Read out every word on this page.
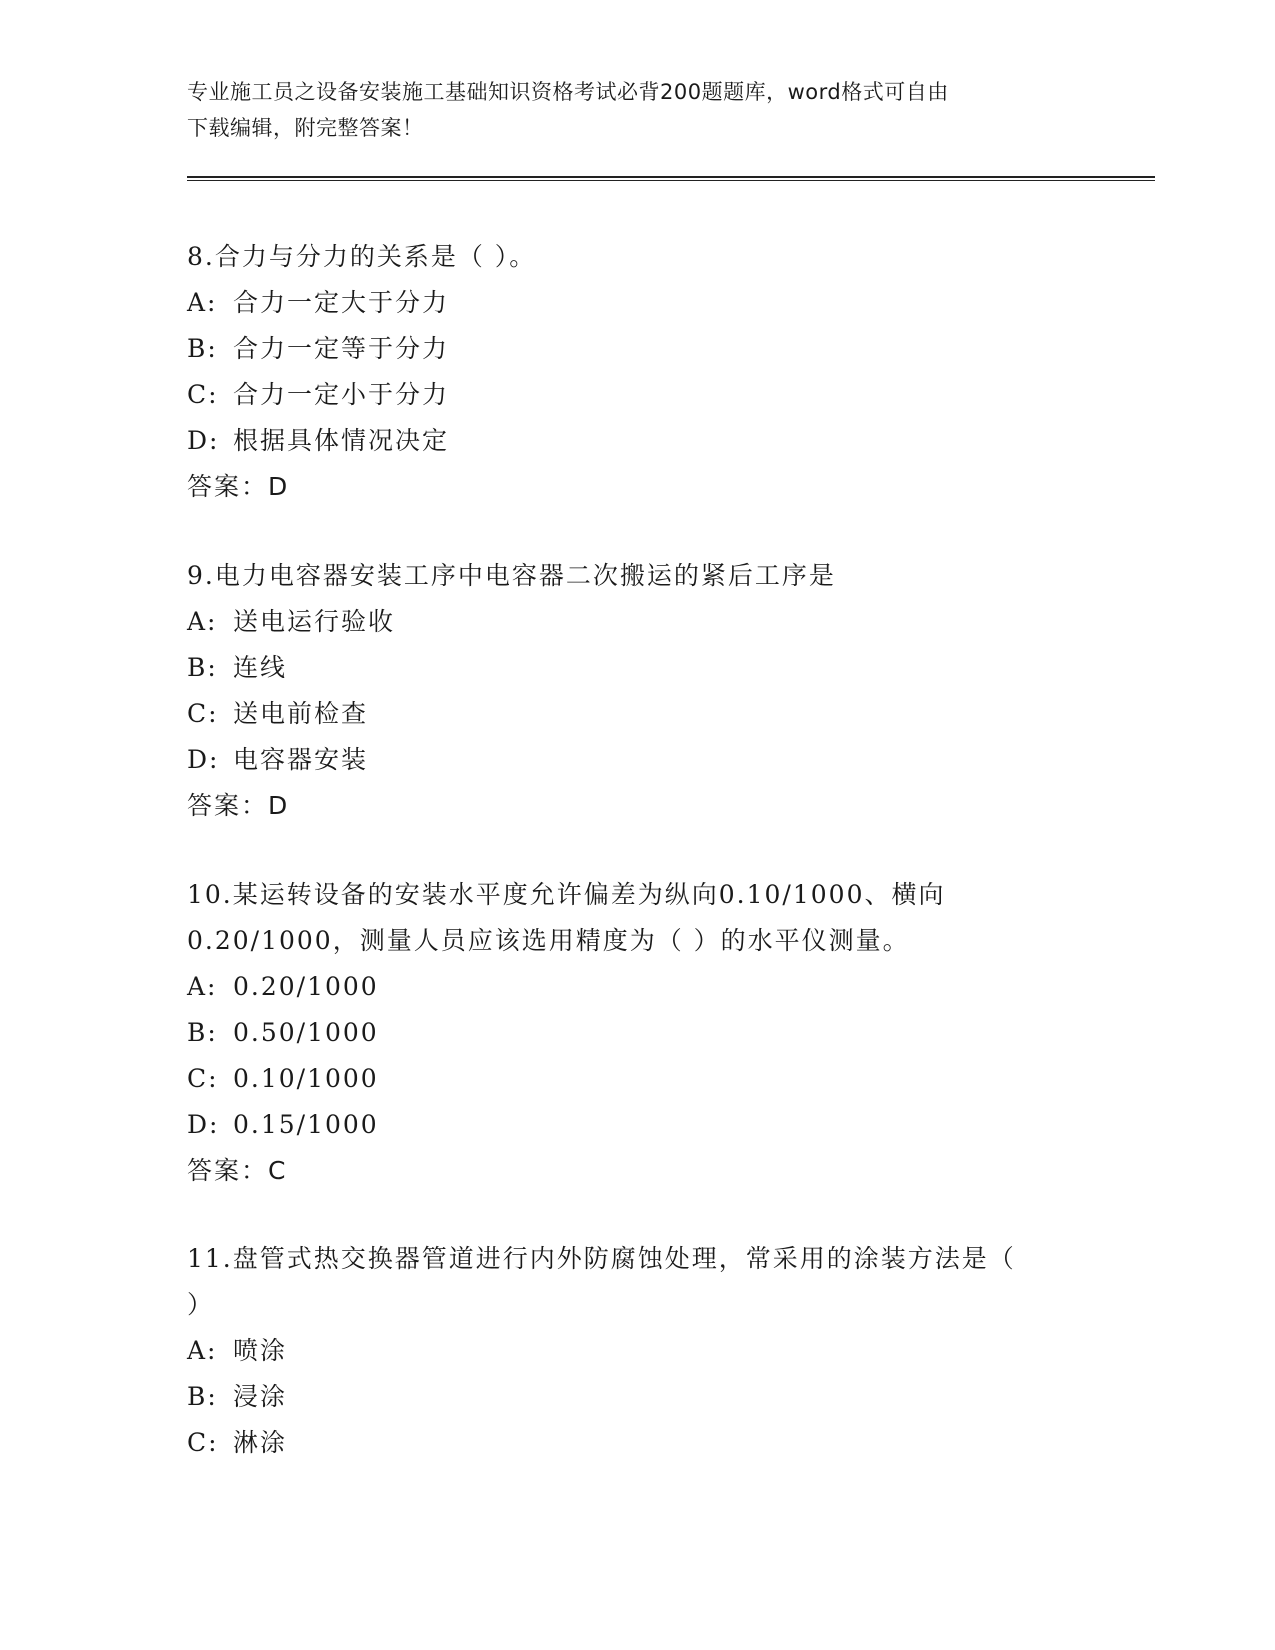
专业施工员之设备安装施工基础知识资格考试必背200题题库，word格式可自由
下载编辑，附完整答案！
8.合力与分力的关系是（ ）。
A: 合力一定大于分力
B: 合力一定等于分力
C: 合力一定小于分力
D: 根据具体情况决定
答案：D
9.电力电容器安装工序中电容器二次搬运的紧后工序是
A: 送电运行验收
B: 连线
C: 送电前检查
D: 电容器安装
答案：D
10.某运转设备的安装水平度允许偏差为纵向0.10/1000、横向
0.20/1000，测量人员应该选用精度为（ ）的水平仪测量。
A: 0.20/1000
B: 0.50/1000
C: 0.10/1000
D: 0.15/1000
答案：C
11.盘管式热交换器管道进行内外防腐蚀处理，常采用的涂装方法是（
）
A: 喷涂
B: 浸涂
C: 淋涂
